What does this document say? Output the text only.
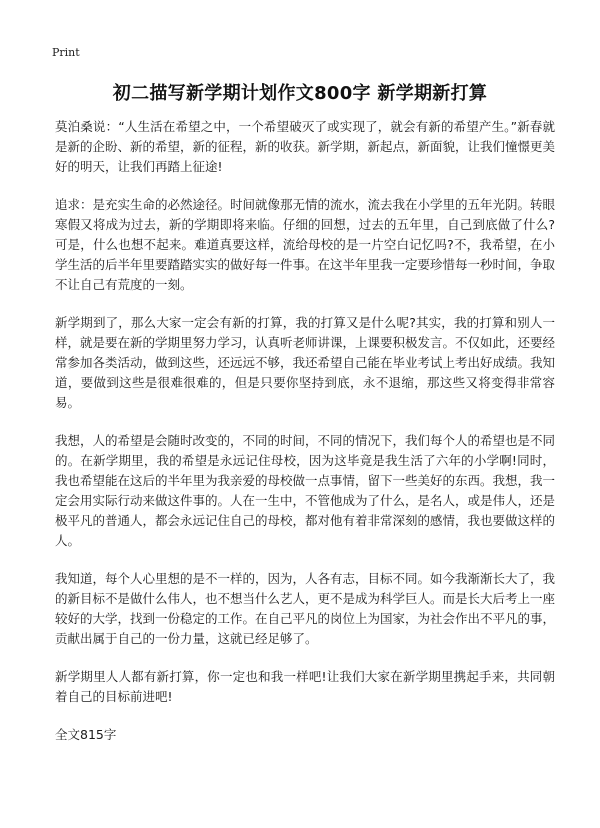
Print
初二描写新学期计划作文800字 新学期新打算

莫泊桑说：“人生活在希望之中，一个希望破灭了或实现了，就会有新的希望产生。”新春就是新的企盼、新的希望，新的征程，新的收获。新学期，新起点，新面貌，让我们憧憬更美好的明天，让我们再踏上征途!

追求：是充实生命的必然途径。时间就像那无情的流水，流去我在小学里的五年光阴。转眼寒假又将成为过去，新的学期即将来临。仔细的回想，过去的五年里，自己到底做了什么?可是，什么也想不起来。难道真要这样，流给母校的是一片空白记忆吗?不，我希望，在小学生活的后半年里要踏踏实实的做好每一件事。在这半年里我一定要珍惜每一秒时间，争取不让自己有荒度的一刻。

新学期到了，那么大家一定会有新的打算，我的打算又是什么呢?其实，我的打算和别人一样，就是要在新的学期里努力学习，认真听老师讲课，上课要积极发言。不仅如此，还要经常参加各类活动，做到这些，还远远不够，我还希望自己能在毕业考试上考出好成绩。我知道，要做到这些是很难很难的，但是只要你坚持到底，永不退缩，那这些又将变得非常容易。

我想，人的希望是会随时改变的，不同的时间，不同的情况下，我们每个人的希望也是不同的。在新学期里，我的希望是永远记住母校，因为这毕竟是我生活了六年的小学啊!同时，我也希望能在这后的半年里为我亲爱的母校做一点事情，留下一些美好的东西。我想，我一定会用实际行动来做这件事的。人在一生中，不管他成为了什么，是名人，或是伟人，还是极平凡的普通人，都会永远记住自己的母校，都对他有着非常深刻的感情，我也要做这样的人。

我知道，每个人心里想的是不一样的，因为，人各有志，目标不同。如今我渐渐长大了，我的新目标不是做什么伟人，也不想当什么艺人，更不是成为科学巨人。而是长大后考上一座较好的大学，找到一份稳定的工作。在自己平凡的岗位上为国家，为社会作出不平凡的事，贡献出属于自己的一份力量，这就已经足够了。

新学期里人人都有新打算，你一定也和我一样吧!让我们大家在新学期里携起手来，共同朝着自己的目标前进吧!

全文815字
